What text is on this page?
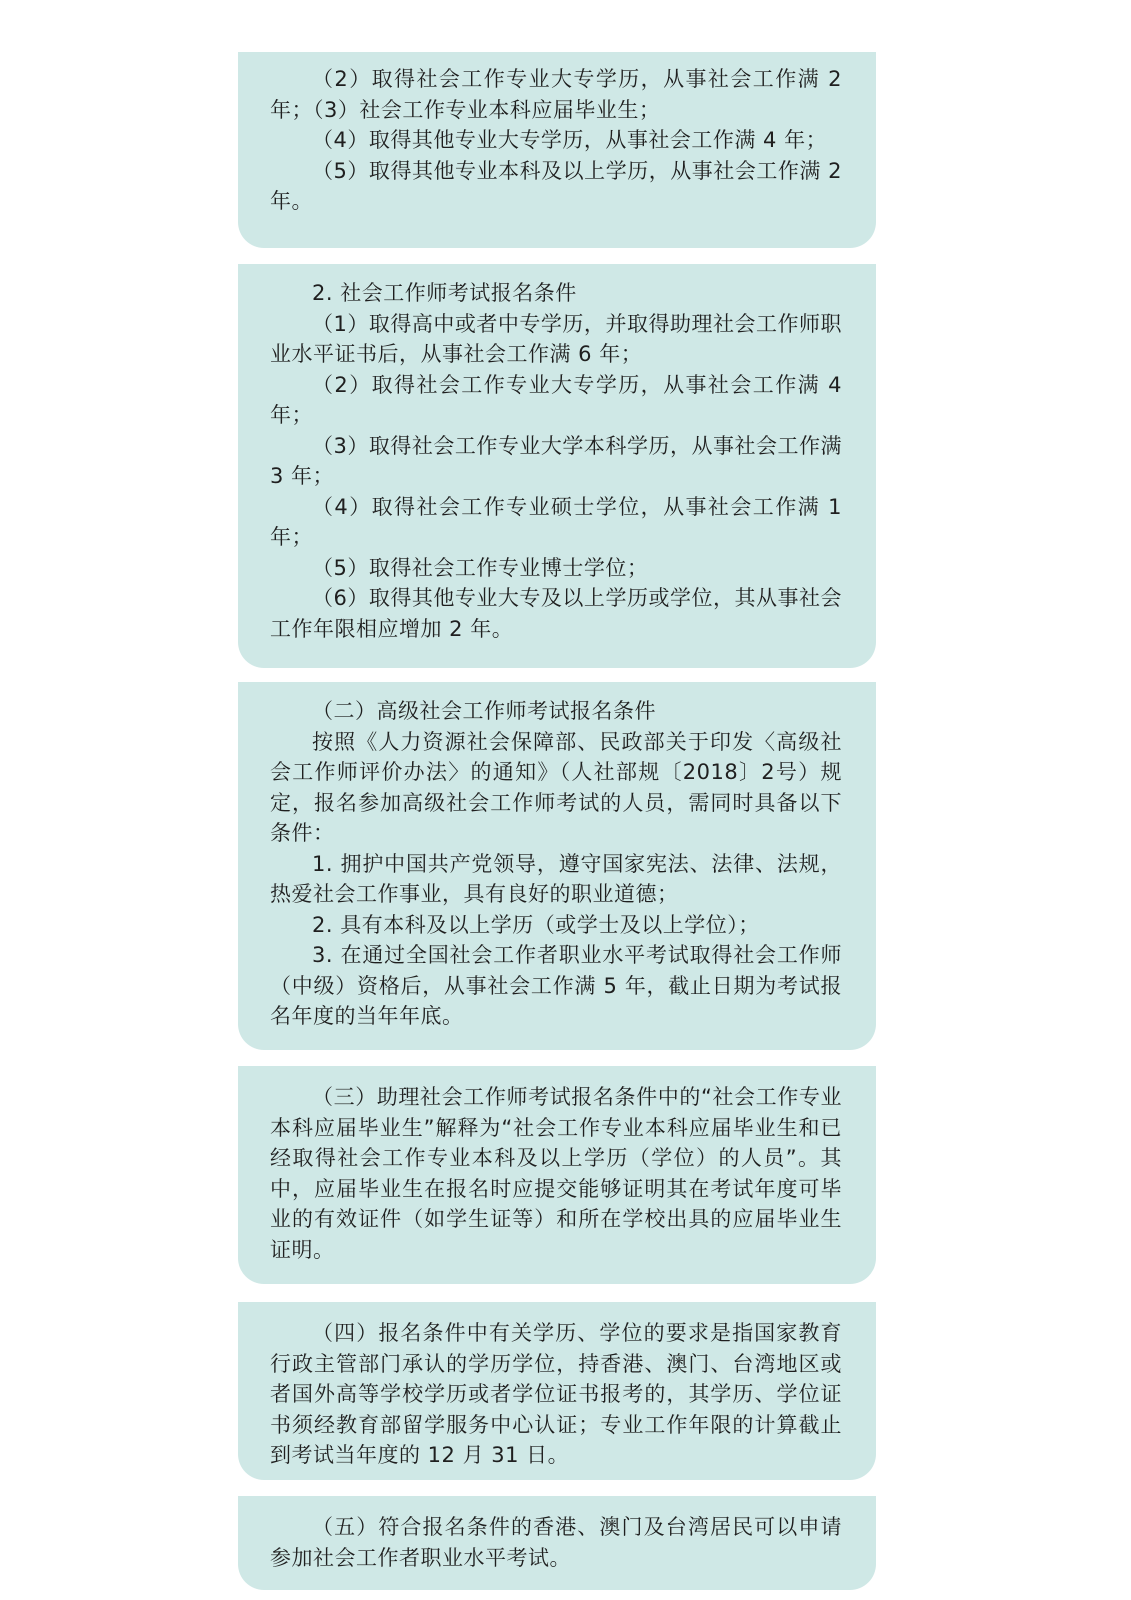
（2）取得社会工作专业大专学历，从事社会工作满 2 年；（3）社会工作专业本科应届毕业生；

（4）取得其他专业大专学历，从事社会工作满 4 年；

（5）取得其他专业本科及以上学历，从事社会工作满 2 年。

2. 社会工作师考试报名条件

（1）取得高中或者中专学历，并取得助理社会工作师职业水平证书后，从事社会工作满 6 年；

（2）取得社会工作专业大专学历，从事社会工作满 4 年；

（3）取得社会工作专业大学本科学历，从事社会工作满 3 年；

（4）取得社会工作专业硕士学位，从事社会工作满 1 年；

（5）取得社会工作专业博士学位；

（6）取得其他专业大专及以上学历或学位，其从事社会工作年限相应增加 2 年。

（二）高级社会工作师考试报名条件

按照《人力资源社会保障部、民政部关于印发〈高级社会工作师评价办法〉的通知》（人社部规〔2018〕2号）规定，报名参加高级社会工作师考试的人员，需同时具备以下条件：

1. 拥护中国共产党领导，遵守国家宪法、法律、法规，热爱社会工作事业，具有良好的职业道德；

2. 具有本科及以上学历（或学士及以上学位）；

3. 在通过全国社会工作者职业水平考试取得社会工作师（中级）资格后，从事社会工作满 5 年，截止日期为考试报名年度的当年年底。

（三）助理社会工作师考试报名条件中的“社会工作专业本科应届毕业生”解释为“社会工作专业本科应届毕业生和已经取得社会工作专业本科及以上学历（学位）的人员”。其中，应届毕业生在报名时应提交能够证明其在考试年度可毕业的有效证件（如学生证等）和所在学校出具的应届毕业生证明。

（四）报名条件中有关学历、学位的要求是指国家教育行政主管部门承认的学历学位，持香港、澳门、台湾地区或者国外高等学校学历或者学位证书报考的，其学历、学位证书须经教育部留学服务中心认证；专业工作年限的计算截止到考试当年度的 12 月 31 日。

（五）符合报名条件的香港、澳门及台湾居民可以申请参加社会工作者职业水平考试。
